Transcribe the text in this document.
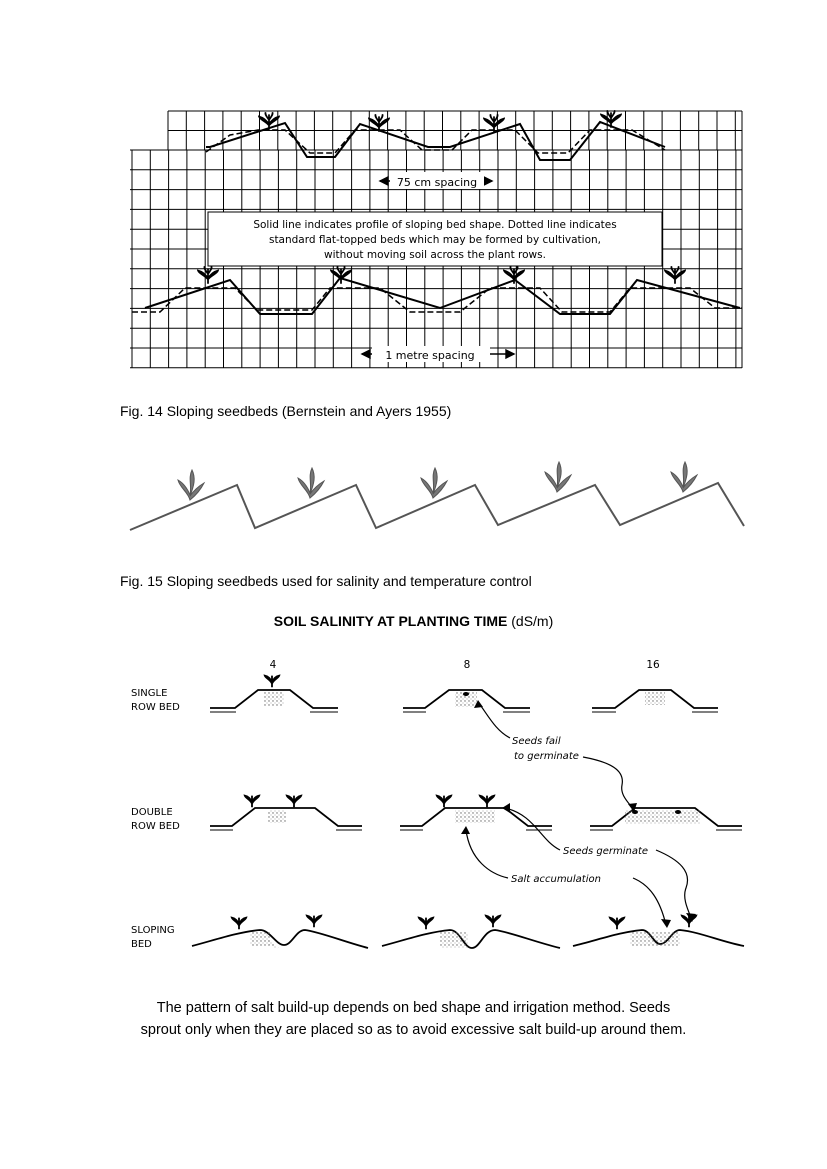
75 cm spacing
Solid line indicates profile of sloping bed shape. Dotted line indicates
standard flat-topped beds which may be formed by cultivation,
without moving soil across the plant rows.
1 metre spacing
Fig. 14 Sloping seedbeds (Bernstein and Ayers 1955)
Fig. 15 Sloping seedbeds used for salinity and temperature control
SOIL SALINITY AT PLANTING TIME (dS/m)
4	8	16
SINGLE
ROW BED
DOUBLE
ROW BED
SLOPING
BED
Seeds fail
to germinate
Seeds germinate
Salt accumulation
The pattern of salt build-up depends on bed shape and irrigation method. Seeds
sprout only when they are placed so as to avoid excessive salt build-up around them.
